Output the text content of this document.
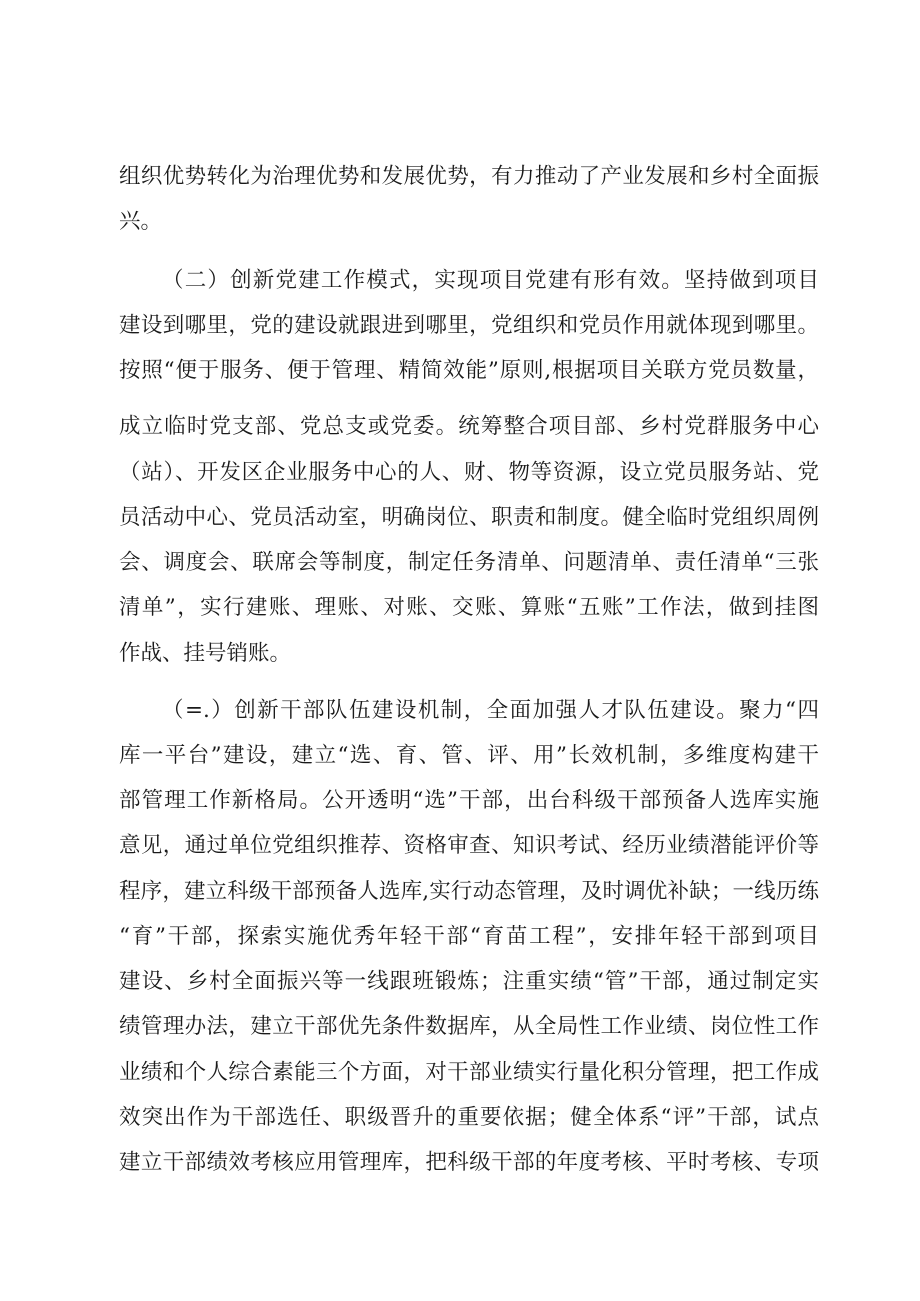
组织优势转化为治理优势和发展优势，有力推动了产业发展和乡村全面振

兴。

（二）创新党建工作模式，实现项目党建有形有效。坚持做到项目

建设到哪里，党的建设就跟进到哪里，党组织和党员作用就体现到哪里。

按照“便于服务、便于管理、精简效能”原则,根据项目关联方党员数量，

成立临时党支部、党总支或党委。统筹整合项目部、乡村党群服务中心

（站）、开发区企业服务中心的人、财、物等资源，设立党员服务站、党

员活动中心、党员活动室，明确岗位、职责和制度。健全临时党组织周例

会、调度会、联席会等制度，制定任务清单、问题清单、责任清单“三张

清单”，实行建账、理账、对账、交账、算账“五账”工作法，做到挂图

作战、挂号销账。

（=.）创新干部队伍建设机制，全面加强人才队伍建设。聚力“四

库一平台”建设，建立“选、育、管、评、用”长效机制，多维度构建干

部管理工作新格局。公开透明“选”干部，出台科级干部预备人选库实施

意见，通过单位党组织推荐、资格审查、知识考试、经历业绩潜能评价等

程序，建立科级干部预备人选库,实行动态管理，及时调优补缺；一线历练

“育”干部，探索实施优秀年轻干部“育苗工程”，安排年轻干部到项目

建设、乡村全面振兴等一线跟班锻炼；注重实绩“管”干部，通过制定实

绩管理办法，建立干部优先条件数据库，从全局性工作业绩、岗位性工作

业绩和个人综合素能三个方面，对干部业绩实行量化积分管理，把工作成

效突出作为干部选任、职级晋升的重要依据；健全体系“评”干部，试点

建立干部绩效考核应用管理库，把科级干部的年度考核、平时考核、专项
